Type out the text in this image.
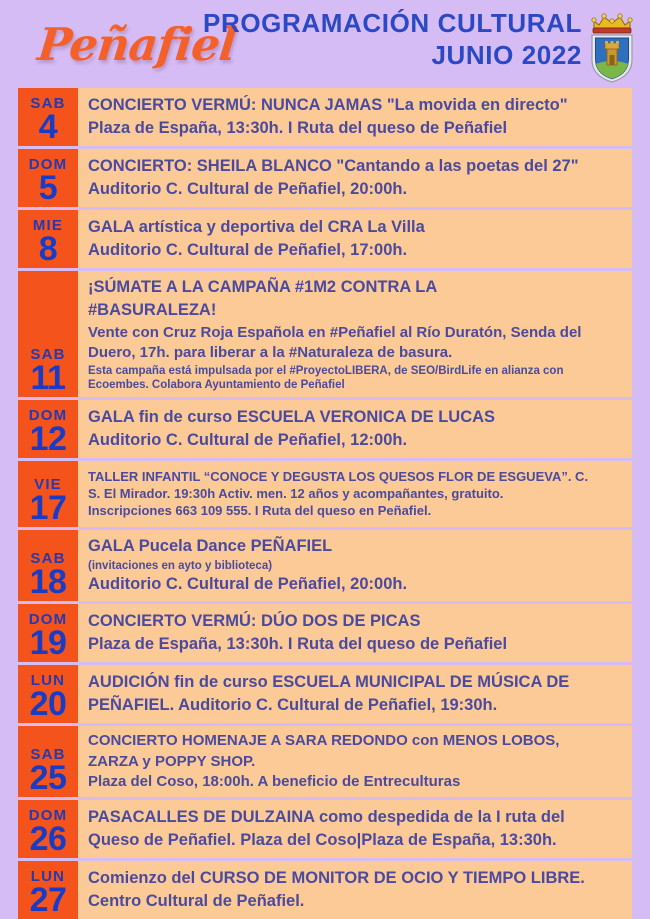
Peñafiel
PROGRAMACIÓN CULTURAL
JUNIO 2022
SAB
4
CONCIERTO VERMÚ: NUNCA JAMAS "La movida en directo"
Plaza de España, 13:30h. I Ruta del queso de Peñafiel
DOM
5
CONCIERTO: SHEILA BLANCO "Cantando a las poetas del 27"
Auditorio C. Cultural de Peñafiel, 20:00h.
MIE
8
GALA artística y deportiva del CRA La Villa
Auditorio C. Cultural de Peñafiel, 17:00h.
SAB
11
¡SÚMATE A LA CAMPAÑA #1M2 CONTRA LA
#BASURALEZA!
Vente con Cruz Roja Española en #Peñafiel al Río Duratón, Senda del
Duero, 17h. para liberar a la #Naturaleza de basura.
Esta campaña está impulsada por el #ProyectoLIBERA, de SEO/BirdLife en alianza con
Ecoembes. Colabora Ayuntamiento de Peñafiel
DOM
12
GALA fin de curso ESCUELA VERONICA DE LUCAS
Auditorio C. Cultural de Peñafiel, 12:00h.
VIE
17
TALLER INFANTIL “CONOCE Y DEGUSTA LOS QUESOS FLOR DE ESGUEVA”. C.
S. El Mirador. 19:30h Activ. men. 12 años y acompañantes, gratuito.
Inscripciones 663 109 555. I Ruta del queso en Peñafiel.
SAB
18
GALA Pucela Dance PEÑAFIEL
(invitaciones en ayto y biblioteca)
Auditorio C. Cultural de Peñafiel, 20:00h.
DOM
19
CONCIERTO VERMÚ: DÚO DOS DE PICAS
Plaza de España, 13:30h. I Ruta del queso de Peñafiel
LUN
20
AUDICIÓN fin de curso ESCUELA MUNICIPAL DE MÚSICA DE
PEÑAFIEL. Auditorio C. Cultural de Peñafiel, 19:30h.
SAB
25
CONCIERTO HOMENAJE A SARA REDONDO con MENOS LOBOS,
ZARZA y POPPY SHOP.
Plaza del Coso, 18:00h. A beneficio de Entreculturas
DOM
26
PASACALLES DE DULZAINA como despedida de la I ruta del
Queso de Peñafiel. Plaza del Coso|Plaza de España, 13:30h.
LUN
27
Comienzo del CURSO DE MONITOR DE OCIO Y TIEMPO LIBRE.
Centro Cultural de Peñafiel.
